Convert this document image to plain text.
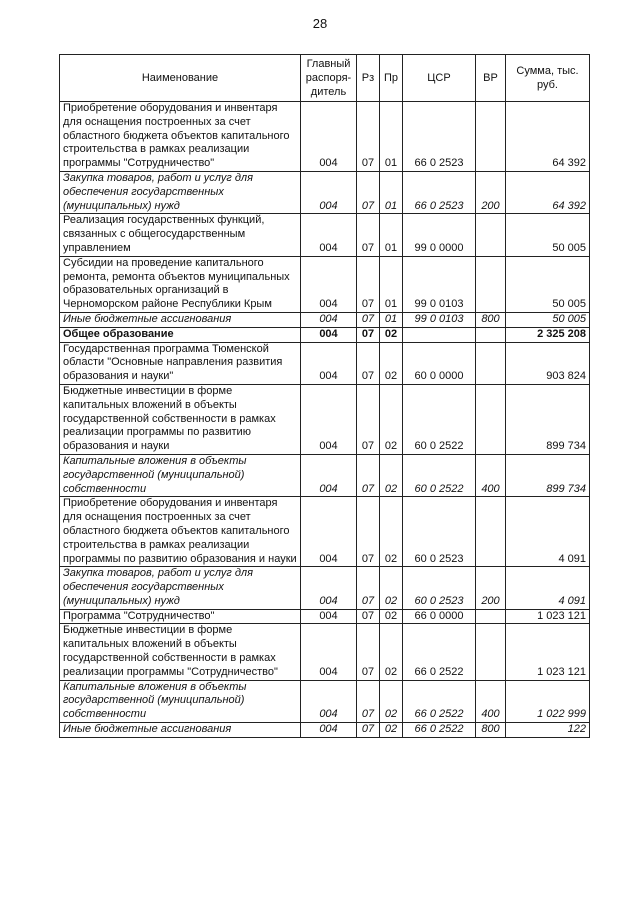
28
Наименование	Главный распоря- дитель	Рз	Пр	ЦСР	ВР	Сумма, тыс. руб.
Приобретение оборудования и инвентаря для оснащения построенных за счет областного бюджета объектов капитального строительства в рамках реализации программы "Сотрудничество"	004	07	01	66 0 2523		64 392
Закупка товаров, работ и услуг для обеспечения государственных (муниципальных) нужд	004	07	01	66 0 2523	200	64 392
Реализация государственных функций, связанных с общегосударственным управлением	004	07	01	99 0 0000		50 005
Субсидии на проведение капитального ремонта, ремонта объектов муниципальных образовательных организаций в Черноморском районе Республики Крым	004	07	01	99 0 0103		50 005
Иные бюджетные ассигнования	004	07	01	99 0 0103	800	50 005
Общее образование	004	07	02			2 325 208
Государственная программа Тюменской области "Основные направления развития образования и науки"	004	07	02	60 0 0000		903 824
Бюджетные инвестиции в форме капитальных вложений в объекты государственной собственности в рамках реализации программы по развитию образования и науки	004	07	02	60 0 2522		899 734
Капитальные вложения в объекты государственной (муниципальной) собственности	004	07	02	60 0 2522	400	899 734
Приобретение оборудования и инвентаря для оснащения построенных за счет областного бюджета объектов капитального строительства в рамках реализации программы по развитию образования и науки	004	07	02	60 0 2523		4 091
Закупка товаров, работ и услуг для обеспечения государственных (муниципальных) нужд	004	07	02	60 0 2523	200	4 091
Программа "Сотрудничество"	004	07	02	66 0 0000		1 023 121
Бюджетные инвестиции в форме капитальных вложений в объекты государственной собственности в рамках реализации программы "Сотрудничество"	004	07	02	66 0 2522		1 023 121
Капитальные вложения в объекты государственной (муниципальной) собственности	004	07	02	66 0 2522	400	1 022 999
Иные бюджетные ассигнования	004	07	02	66 0 2522	800	122
